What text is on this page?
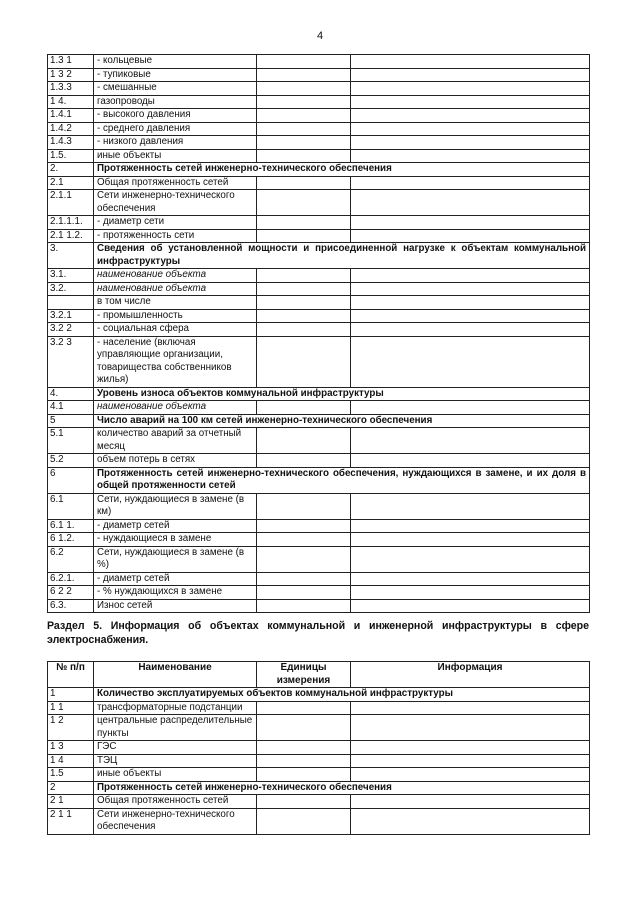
4
1.3 1	- кольцевые		
1 3 2	- тупиковые		
1.3.3	- смешанные		
1 4.	газопроводы		
1.4.1	- высокого давления		
1.4.2	- среднего давления		
1.4.3	- низкого давления		
1.5.	иные объекты		
2.	Протяженность сетей инженерно-технического обеспечения		
2.1	Общая протяженность сетей		
2.1.1	Сети инженерно-технического обеспечения		
2.1.1.1.	- диаметр сети		
2.1 1.2.	- протяженность сети		
3.	Сведения об установленной мощности и присоединенной нагрузке к объектам коммунальной инфраструктуры		
3.1.	наименование объекта		
3.2.	наименование объекта		
	в том числе		
3.2.1	- промышленность		
3.2 2	- социальная сфера		
3.2 3	- население (включая управляющие организации, товарищества собственников жилья)		
4.	Уровень износа объектов коммунальной инфраструктуры		
4.1	наименование объекта		
5	Число аварий на 100 км сетей инженерно-технического обеспечения		
5.1	количество аварий за отчетный месяц		
5.2	объем потерь в сетях		
6	Протяженность сетей инженерно-технического обеспечения, нуждающихся в замене, и их доля в общей протяженности сетей		
6.1	Сети, нуждающиеся в замене (в км)		
6.1 1.	- диаметр сетей		
6 1.2.	- нуждающиеся в замене		
6.2	Сети, нуждающиеся в замене (в %)		
6.2.1.	- диаметр сетей		
6 2 2	- % нуждающихся в замене		
6.3.	Износ сетей		
Раздел 5. Информация об объектах коммунальной и инженерной инфраструктуры в сфере электроснабжения.
№ п/п	Наименование	Единицы измерения	Информация
1	Количество эксплуатируемых объектов коммунальной инфраструктуры		
1 1	трансформаторные подстанции		
1 2	центральные распределительные пункты		
1 3	ГЭС		
1 4	ТЭЦ		
1.5	иные объекты		
2	Протяженность сетей инженерно-технического обеспечения		
2 1	Общая протяженность сетей		
2 1 1	Сети инженерно-технического обеспечения		
